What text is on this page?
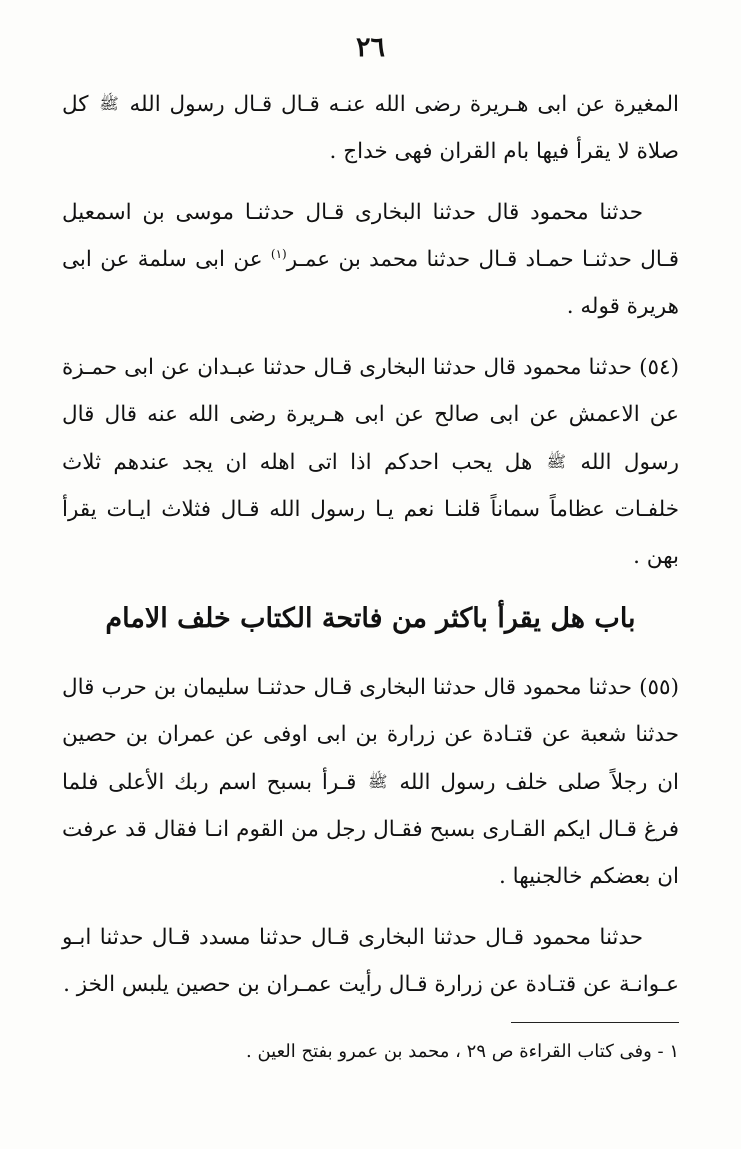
٢٦

المغيرة عن ابى هـريرة رضى الله عنـه قـال قـال رسول الله ﷺ كل صلاة لا يقرأ فيها بام القران فهى خداج .

حدثنا محمود قال حدثنا البخارى قـال حدثنـا موسى بن اسمعيل قـال حدثنـا حمـاد قـال حدثنا محمد بن عمـر$^{(١)}$ عن ابى سلمة عن ابى هريرة قوله .

(٥٤) حدثنا محمود قال حدثنا البخارى قـال حدثنا عبـدان عن ابى حمـزة عن الاعمش عن ابى صالح عن ابى هـريرة رضى الله عنه قال قال رسول الله ﷺ هل يحب احدكم اذا اتى اهله ان يجد عندهم ثلاث خلفـات عظاماً سماناً قلنـا نعم يـا رسول الله قـال فثلاث ايـات يقرأ بهن .

باب هل يقرأ باكثر من فاتحة الكتاب خلف الامام

(٥٥) حدثنا محمود قال حدثنا البخارى قـال حدثنـا سليمان بن حرب قال حدثنا شعبة عن قتـادة عن زرارة بن ابى اوفى عن عمران بن حصين ان رجلاً صلى خلف رسول الله ﷺ قـرأ بسبح اسم ربك الأعلى فلما فرغ قـال ايكم القـارى بسبح فقـال رجل من القوم انـا فقال قد عرفت ان بعضكم خالجنيها .

حدثنا محمود قـال حدثنا البخارى قـال حدثنا مسدد قـال حدثنا ابـو عـوانـة عن قتـادة عن زرارة قـال رأيت عمـران بن حصين يلبس الخز .

١ - وفى كتاب القراءة ص ٢٩ ، محمد بن عمرو بفتح العين .
